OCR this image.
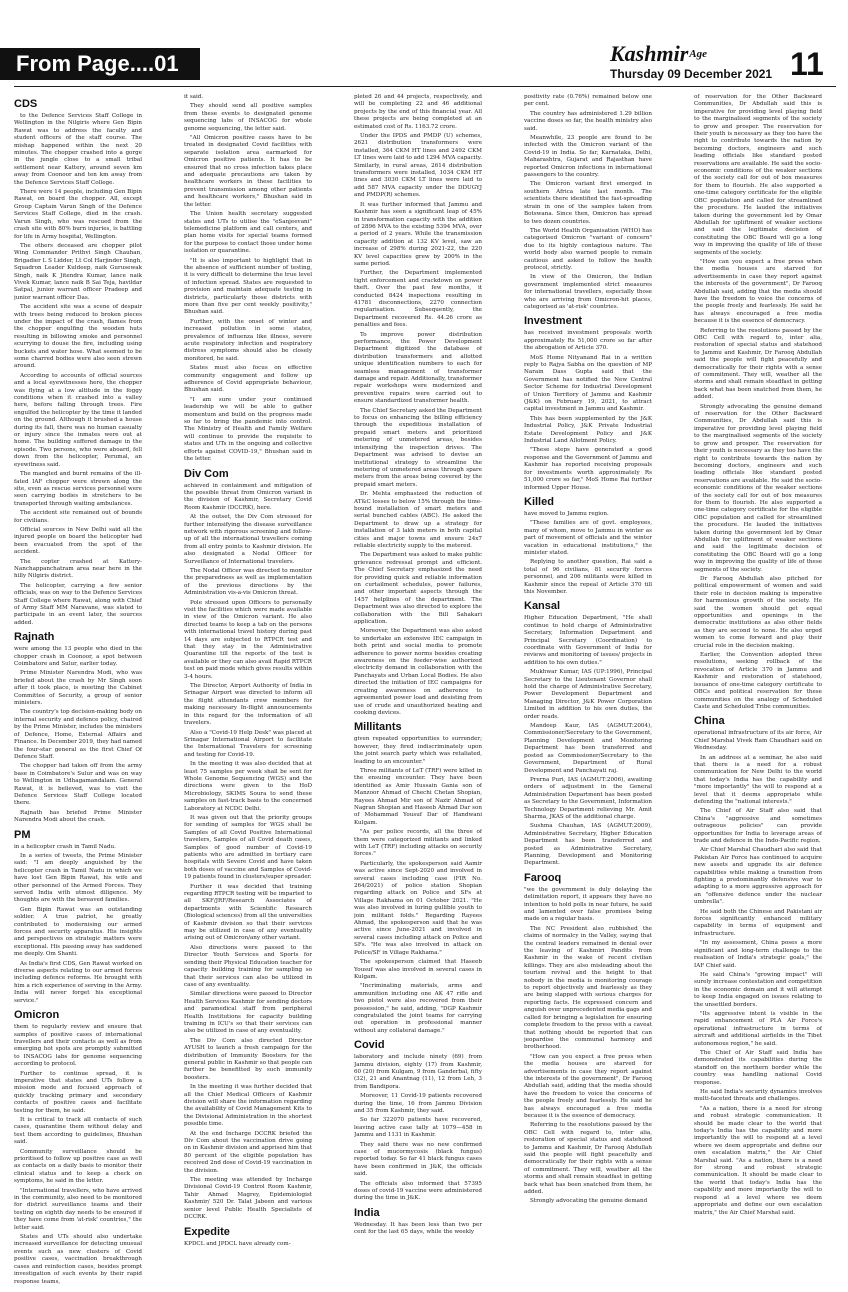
From Page....01	Kashmir$^{Age}$
Thursday 09 December 2021 11
CDS

to the Defence Services Staff College in Wellington in the Nilgiris where Gen Bipin Rawat was to address the faculty and student officers of the staff course. The mishap happened within the next 20 minutes. The chopper crashed into a gorge in the jungle close to a small tribal settlement near Kattery, around seven km away from Coonoor and ten km away from the Defence Services Staff College.

There were 14 people, including Gen Bipin Rawat, on board the chopper. All, except Group Captain Varun Singh of the Defence Services Staff College, died in the crash. Varun Singh, who was rescued from the crash site with 80% burn injuries, is battling for life in Army hospital, Wellington.

The others deceased are chopper pilot Wing Commander Prithvi Singh Chauhan, Brigadier L S Lidder, Lt Col Harjinder Singh, Squadron Leader Kuldeep, naik Gurusewak Singh, naik K Jitendra Kumar, lance naik Vivek Kumar, lance naik B Sai Teja, havildar Satpal, junior warrant officer Pradeep and junior warrant officer Das.

The accident site was a scene of despair with trees being reduced to broken pieces under the impact of the crash, flames from the chopper engulfing the wooden huts resulting in billowing smoke and personnel scurrying to douse the fire, including using buckets and water hose. What seemed to be some charred bodies were also seen strewn around.

According to accounts of official sources and a local eyewitnesses here, the chopper was flying at a low altitude in the foggy conditions when it crashed into a valley here, before falling through trees. Fire engulfed the helicopter by the time it landed on the ground. Although it brushed a house during its fall, there was no human casualty or injury since the inmates were out at home. The building suffered damage in the episode. Two persons, who were aboard, fell down from the helicopter, Perumal, an eyewitness said.

The mangled and burnt remains of the ill-fated IAF chopper were strewn along the site, even as rescue services personnel were seen carrying bodies in stretchers to be transported through waiting ambulances.

The accident site remained out of bounds for civilians.

Official sources in New Delhi said all the injured people on board the helicopter had been evacuated from the spot of the accident.

The copter crashed at Kattery-Nanchappanchatram area near here in the hilly Nilgiris district.

The helicopter, carrying a few senior officials, was on way to the Defence Services Staff College where Rawat, along with Chief of Army Staff MM Naravane, was slated to participate in an event later, the sources added.

Rajnath

were among the 13 people who died in the chopper crash in Coonoor, a spot between Coimbatore and Sulur, earlier today.

Prime Minister Narendra Modi, who was briefed about the crash by Mr Singh soon after it took place, is meeting the Cabinet Committee of Security, a group of senior ministers.

The country's top decision-making body on internal security and defence policy, chaired by the Prime Minister, includes the ministers of Defence, Home, External Affairs and Finance. In December 2019, they had named the four-star general as the first Chief Of Defence Staff.

The chopper had taken off from the army base in Coimbatore's Sulur and was on way to Wellington in Udhagamandalam. General Rawat, it is believed, was to visit the Defence Services Staff College located there.

Rajnath has briefed Prime Minister Narendra Modi about the crash.

PM

in a helicopter crash in Tamil Nadu.

In a series of tweets, the Prime Minister said: "I am deeply anguished by the helicopter crash in Tamil Nadu in which we have lost Gen Bipin Rawat, his wife and other personnel of the Armed Forces. They served India with utmost diligence. My thoughts are with the bereaved families.

Gen Bipin Rawat was an outstanding soldier. A true patriot, he greatly contributed to modernising our armed forces and security apparatus. His insights and perspectives on strategic matters were exceptional. His passing away has saddened me deeply. Om Shanti.

As India's first CDS, Gen Rawat worked on diverse aspects relating to our armed forces including defence reforms. He brought with him a rich experience of serving in the Army. India will never forget his exceptional service."

Omicron

them to regularly review and ensure that samples of positive cases of international travellers and their contacts as well as from emerging hot spots are promptly submitted to INSACOG labs for genome sequencing according to protocol.

Further to continue spread, it is imperative that states and UTs follow a mission mode and focused approach of quickly tracking primary and secondary contacts of positive cases and facilitate testing for them, he said.

It is critical to track all contacts of such cases, quarantine them without delay and test them according to guidelines, Bhushan said.

Community surveillance should be prioritised to follow up positive case as well as contacts on a daily basis to monitor their clinical status and to keep a check on symptoms, he said in the letter.

"International travellers, who have arrived in the community, also need to be monitored for district surveillance teams and their testing on eighth day needs to be ensured if they have come from 'at-risk' countries," the letter said.

States and UTs should also undertake increased surveillance for detecting unusual events such as new clusters of Covid positive cases, vaccination breakthrough cases and reinfection cases, besides prompt investigation of such events by their rapid response teams,

it said.

They should send all positive samples from these events to designated genome sequencing labs of INSACOG for whole genome sequencing, the letter said.

"All Omicron positive cases have to be treated in designated Covid facilities with separate isolation area earmarked for Omicron positive patients. It has to be ensured that no cross infection takes place and adequate precautions are taken by healthcare workers in these facilities to prevent transmission among other patients and healthcare workers," Bhushan said in the letter.

The Union health secretary suggested states and UTs to utilise the "eSanjeevani" telemedicine platform and call centers, and plan home visits for special teams formed for the purpose to contact those under home isolation or quarantine.

"It is also important to highlight that in the absence of sufficient number of testing, it is very difficult to determine the true level of infection spread. States are requested to provision and maintain adequate testing in districts, particularly those districts with more than five per cent weekly positivity," Bhushan said.

Further, with the onset of winter and increased pollution in some states, prevalence of influenza like illness, severe acute respiratory infection and respiratory distress symptoms should also be closely monitored, he said.

States must also focus on effective community engagement and follow up adherence of Covid appropriate behaviour, Bhushan said.

"I am sure under your continued leadership we will be able to gather momentum and build on the progress made so far to bring the pandemic into control. The Ministry of Health and Family Welfare will continue to provide the requisite to states and UTs in the ongoing and collective efforts against COVID-19," Bhushan said in the letter.

Div Com

achieved in containment and mitigation of the possible threat from Omicron variant in the division of Kashmir, Secretary Covid Room Kashmir (DCCRK), here.

At the outset, the Div Com stressed for further intensifying the disease surveillance network with rigorous screening and follow-up of all the international travellers coming from all entry points to Kashmir division. He also designated a Nodal Officer for Surveillance of International travelers.

The Nodal Officer was directed to monitor the preparedness as well as implementation of the previous directions by the Administration vis-a-vis Omicron threat.

Pole stressed upon Officers to personally visit the facilities which were made available in view of the Omicron variant. He also directed teams to keep a tab on the persons with international travel history during past 14 days are subjected to RTPCR test and that they stay in the Administrative Quarantine till the reports of the test is available or they can also avail Rapid RTPCR test on paid mode which gives results within 3-4 hours.

The Director, Airport Authority of India in Srinagar Airport was directed to inform all the flight attendants crew members for making necessary In-flight announcements in this regard for the information of all travelers.

Also a "Covid-19 Help Desk" was placed at Srinagar International Airport to facilitate the International Travelers for screening and testing for Covid-19.

In the meeting it was also decided that at least 75 samples per week shall be sent for Whole Genome Sequencing (WGS) and the directions were given to the HoD Microbiology, SKIMS Soura to send these samples on fast-track basis to the concerned Laboratory at NCDC Delhi.

It was given out that the priority groups for sending of samples for WGS shall be Samples of all Covid Positive International travelers, Samples of all Covid death cases, Samples of good number of Covid-19 patients who are admitted in tertiary care hospitals with Severe Covid and have taken both doses of vaccine and Samples of Covid-19 patients found in clusters/super spreader.

Further it was decided that training regarding RTPCR testing will be imparted to all SKF/JRF/Research Associates of departments with Scientific Research (Biological sciences) from all the universities of Kashmir division so that their services may be utilized in case of any eventuality arising out of Omicron/any other variant.

Also directions were passed to the Director Youth Services and Sports for sending their Physical Education teacher for capacity building training for sampling so that their services can also be utilized in case of any eventuality.

Similar directions were passed to Director Health Services Kashmir for sending doctors and paramedical staff from peripheral Health Institutions for capacity building training in ICU's so that their services can also be utilized in case of any eventuality.

The Div Com also directed Director AYUSH to launch a fresh campaign for the distribution of Immunity Boosters for the general public in Kashmir so that people can further be benefitted by such immunity boosters.

In the meeting it was further decided that all the Chief Medical Officers of Kashmir division will share the information regarding the availability of Covid Management Kits to the Divisional Administration in the shortest possible time.

At the end Incharge DCCRK briefed the Div Com about the vaccination drive going on in Kashmir division and apprised him that 80 percent of the eligible population has received 2nd dose of Covid-19 vaccination in the division.

The meeting was attended by Incharge Divisional Covid-19 Control Room Kashmir, Tahir Ahmad Magrey, Epidemiologist Kashmir/ 520 Dr. Talat Jabeen and various senior level Public Health Specialists of DCCRK.

Expedite

KPDCL and JPDCL have already com-

pleted 26 and 44 projects, respectively, and will be completing 22 and 46 additional projects by the end of this financial year. All these projects are being completed at an estimated cost of Rs. 1163.72 crore.

Under the IPDS and PMDP (U) schemes, 2621 distribution transformers were installed, 364 CKM HT lines and 2492 CKM LT lines were laid to add 1294 MVA capacity. Similarly, in rural areas, 2614 distribution transformers were installed, 1034 CKM HT lines and 3030 CKM LT lines were laid to add 587 MVA capacity under the DDUGYJ and PMDP(R) schemes.

It was further informed that Jammu and Kashmir has seen a significant leap of 45% in transformation capacity with the addition of 2896 MVA to the existing 5394 MVA, over a period of 2 years. While the transmission capacity addition at 132 KV level, saw an increase of 298% during 2021-22, the 220 KV level capacities grew by 200% in the same period.

Further, the Department implemented tight enforcement and crackdown on power theft. Over the past few months, it conducted 8424 inspections resulting in 41781 disconnections, 2270 connection regularisation. Subsequently, the Department recovered Rs. 44.26 crore as penalties and fees.

To improve power distribution performance, the Power Development Department digitized the database of distribution transformers and allotted unique identification numbers to each for seamless management of transformer damage and repair. Additionally, transformer repair workshops were modernized and preventive repairs were carried out to ensure standardized transformer health.

The Chief Secretary asked the Department to focus on enhancing the billing efficiency through the expeditious installation of prepaid smart meters and prioritized metering of unmetered areas, besides intensifying the inspection drives. The Department was advised to devise an institutional strategy to streamline the metering of unmetered areas through spare meters from the areas being covered by the prepaid smart meters.

Dr. Mehta emphasized the reduction of AT&C losses to below 15% through the time-bound installation of smart meters and serial bunched cables (ABC). He asked the Department to draw up a strategy for installation of 3 lakh meters in both capital cities and major towns and ensure 24x7 reliable electricity supply to the metered.

The Department was asked to make public grievance redressal prompt and efficient. The Chief Secretary emphasized the need for providing quick and reliable information on curtailment schedules, power failures, and other important aspects through the 1457 helplines of the department. The Department was also directed to explore the collaboration with the Bill Sahakari application.

Moreover, the Department was also asked to undertake an extensive IEC campaign in both print and social media to promote adherence to power norms besides creating awareness on the feeder-wise authorized electricity demand in collaboration with the Panchayats and Urban Local Bodies. He also directed the initiation of IEC campaigns for creating awareness on adherence to agreemented power load and desisting from use of crude and unauthorized heating and cooking devices.

Millitants

given repeated opportunities to surrender; however, they fired indiscriminately upon the joint search party which was retaliated, leading to an encounter."

Three militants of LeT (TRF) were killed in the ensuing encounter. They have been identified as Amir Hussain Gania son of Manzoor Ahmad of Chechi Chetan Shopian, Rayees Ahmad Mir son of Nazir Ahmad of Nagran Shopian and Haseeb Ahmad Dar son of Mohammad Yousuf Dar of Handwani Kulgam.

"As per police records, all the three of them were categorized militants and linked with LeT (TRF) including attacks on security forces."

Particularly, the spokesperson said Aamir was active since Sept-2020 and involved in several cases including case (FIR No. 264/2021) of police station Shopian regarding attack on Police and SFs at Village Rakhama on 01 October 2021. "He was also involved in luring gullible youth to join militant folds." Regarding Rayees Ahmad, the spokesperson said that he was active since June-2021 and involved in several cases including attack on Police and SFs. "He was also involved in attack on Police/SF in Village Rakhama."

The spokesperson claimed that Haseeb Yousuf was also involved in several cases in Kulgam.

"Incriminating materials, arms and ammunition including one AK 47 rifle and two pistol were also recovered from their possession," he said, adding, "DGP Kashmir congratulated the joint teams for carrying out operation in professional manner without any collateral damage."

Covid

laboratory and include ninety (69) from Jammu division, eighty (17) from Kashmir, 60 (20) from Kulgam, 9 from Ganderbal, fifty (32), 21 and Anantnag (11), 12 from Leh, 3 from Bandipora.

Moreover, 11 Covid-19 patients recovered during the time, 16 from Jammu Division and 35 from Kashmir, they said.

So far 322070 patients have recovered, leaving active case tally at 1079—458 in Jammu and 1131 in Kashmir.

They said there was no new confirmed case of mucormycosis (black fungus) reported today. So far 41 black fungus cases have been confirmed in J&K, the officials said.

The officials also informed that 57395 doses of covid-19 vaccine were administered during the time in J&K.

India

Wednesday. It has been less than two per cent for the last 65 days, while the weekly

positivity rate (0.76%) remained below one per cent.

The country has administered 1.29 billion vaccine doses so far, the health ministry also said.

Meanwhile, 23 people are found to be infected with the Omicron variant of the Covid-19 in India. So far, Karnataka, Delhi, Maharashtra, Gujarat and Rajasthan have reported Omicron infections in international passengers to the country.

The Omicron variant first emerged in southern Africa late last month. The scientists there identified the fast-spreading strain in one of the samples taken from Botswana. Since then, Omicron has spread to two dozen countries.

The World Health Organisation (WHO) has categorised Omicron "variant of concern" due to its highly contagious nature. The world body also warned people to remain cautious and asked to follow the health protocol, strictly.

In view of the Omicron, the Indian government implemented strict measures for international travellers, especially those who are arriving from Omicron-hit places, categorised as 'at-risk' countries.

Investment

has received investment proposals worth approximately Rs 51,000 crore so far after the abrogation of Article 370.

MoS Home Nityanand Rai in a written reply to Rajya Sabha on the question of MP Narain Dass Gupta said that the Government has notified the New Central Sector Scheme for Industrial Development of Union Territory of Jammu and Kashmir (J&K) on February 19, 2021, to attract capital investment in Jammu and Kashmir.

This has been supplemented by the J&K Industrial Policy, J&K Private Industrial Estate Development Policy and J&K Industrial Land Allotment Policy.

"These steps have generated a good response and the Government of Jammu and Kashmir has reported receiving proposals for investments worth approximately Rs 51,000 crore so far," MoS Home Rai further informed Upper House.

Killed

have moved to Jammu region.

"These families are of govt. employees, many of whom, move to Jammu in winter as part of movement of officials and the winter vacation in educational institutions," the minister stated.

Replying to another question, Rai said a total of 96 civilians, 81 security forces personnel, and 206 militants were killed in Kashmir since the repeal of Article 370 till this November.

Kansal

Higher Education Department, "He shall continue to hold charge of Administrative Secretary, Information Department and Principal Secretary (Coordination) to coordinate with Government of India for reviews and monitoring of issues/ projects in addition to his own duties."

Mukhwar Kumar, IAS (UP:1996), Principal Secretary to the Lieutenant Governor shall hold the charge of Administrative Secretary, Power Development Department and Managing Director, J&K Power Corporation Limited in addition to his own duties, the order reads.

Mandeep Kaur, IAS (AGMUT:2004), Commissioner/Secretary to the Government, Planning Development and Monitoring Department has been transferred and posted as Commissioner/Secretary to the Government, Department of Rural Development and Panchayati raj.

Prerna Puri, IAS (AGMUT:2006), awaiting orders of adjustment in the General Administration Department has been posted as Secretary to the Government, Information Technology Department relieving Mr. Amit Sharma, JKAS of the additional charge.

Sushma Chauhan, IAS (AGMUT:2009), Administrative Secretary, Higher Education Department has been transferred and posted as Administrative Secretary, Planning, Development and Monitoring Department.

Farooq

"we the government is duly delaying the delimitation report, it appears they have no intention to hold polls in near future, he said and lamented over false promises being made on a regular basis.

The NC President also rubbished the claims of normalcy in the Valley, saying that the central leaders remained in denial over the leaving of Kashmiri Pandits from Kashmir in the wake of recent civilian killings. They are also misleading about the tourism revival and the height to that nobody in the media is monitoring courage to report objectively and fearlessly as they are being slapped with serious charges for reporting facts. He expressed concern and anguish over unprecedented media gags and called for bringing a legislation for ensuring complete freedom to the press with a caveat that nothing should be reported that can jeopardise the communal harmony and brotherhood.

"How can you expect a free press when the media houses are starved for advertisements in case they report against the interests of the government", Dr Farooq Abdullah said, adding that the media should have the freedom to voice the concerns of the people freely and fearlessly. He said he has always encouraged a free media because it is the essence of democracy.

Referring to the resolutions passed by the OBC Cell with regard to, inter alia, restoration of special status and statehood to Jammu and Kashmir, Dr Farooq Abdullah said the people will fight peacefully and democratically for their rights with a sense of commitment. They will, weather all the storms and shall remain steadfast in getting back what has been snatched from them, he added.

Strongly advocating the genuine demand

of reservation for the Other Backward Communities, Dr Abdullah said this is imperative for providing level playing field to the marginalised segments of the society to grow and prosper. The reservation for their youth is necessary as they too have the right to contribute towards the nation by becoming doctors, engineers and such leading officials like standard posted reservations are available. He said the socio-economic conditions of the weaker sections of the society call for out of box measures for them to flourish. He also supported a one-time category certificate for the eligible OBC population and called for streamlined the procedure. He lauded the initiatives taken during the government led by Omar Abdullah for upliftment of weaker sections and said the legitimate decision of constituting the OBC Board will go a long way in improving the quality of life of these segments of the society.

"How can you expect a free press when the media houses are starved for advertisements in case they report against the interests of the government", Dr Farooq Abdullah said, adding that the media should have the freedom to voice the concerns of the people freely and fearlessly. He said he has always encouraged a free media because it is the essence of democracy.

Referring to the resolutions passed by the OBC Cell with regard to, inter alia, restoration of special status and statehood to Jammu and Kashmir, Dr Farooq Abdullah said the people will fight peacefully and democratically for their rights with a sense of commitment. They will, weather all the storms and shall remain steadfast in getting back what has been snatched from them, he added.

Strongly advocating the genuine demand of reservation for the Other Backward Communities, Dr Abdullah said this is imperative for providing level playing field to the marginalised segments of the society to grow and prosper. The reservation for their youth is necessary as they too have the right to contribute towards the nation by becoming doctors, engineers and such leading officials like standard posted reservations are available. He said the socio-economic conditions of the weaker sections of the society call for out of box measures for them to flourish. He also supported a one-time category certificate for the eligible OBC population and called for streamlined the procedure. He lauded the initiatives taken during the government led by Omar Abdullah for upliftment of weaker sections and said the legitimate decision of constituting the OBC Board will go a long way in improving the quality of life of these segments of the society.

Dr Farooq Abdullah also pitched for political empowerment of women and said their role in decision making is imperative for harmonious growth of the society. He said the women should get equal opportunities and openings in the democratic institutions as also other fields as they are second to none. He also urged women to come forward and play their crucial role in the decision making.

Earlier, the Convention adopted three resolutions, seeking rollback of the revocation of Article 370 in Jammu and Kashmir and restoration of statehood, issuance of one-time category certificate to OBCs and political reservation for these communities on the analogy of Scheduled Caste and Scheduled Tribe communities.

China

operational infrastructure of its air force, Air Chief Marshal Vivek Ram Chaudhari said on Wednesday.

In an address at a seminar, he also said that there is a need for a robust communication for New Delhi to the world that today's India has the capability and "more importantly" the will to respond at a level that it deems appropriate while defending the "national interests."

The Chief of Air Staff also said that China's "aggressive and sometimes outrageous policies" can provide opportunities for India to leverage areas of trade and defence in the Indo-Pacific region.

Air Chief Marshal Chaudhari also said that Pakistan Air Force has continued to acquire new assets and upgrade its air defence capabilities while making a transition from fighting a predominantly defensive war to adapting to a more aggressive approach for an "offensive defence under the nuclear umbrella".

He said both the Chinese and Pakistani air forces significantly enhanced military capability in terms of equipment and infrastructure.

"In my assessment, China poses a more significant and long-term challenge to the realisation of India's strategic goals," the IAF Chief said.

He said China's "growing impact" will surely increase contestation and competition in the economic domain and it will attempt to keep India engaged on issues relating to the unsettled borders.

"Its aggressive intent is visible in the rapid enhancement of PLA Air Force's operational infrastructure in terms of aircraft and additional airfields in the Tibet autonomous region," he said.

The Chief of Air Staff said India has demonstrated its capabilities during the standoff on the northern border while the country was handling national Covid response.

He said India's security dynamics involves multi-faceted threats and challenges.

"As a nation, there is a need for strong and robust strategic communication. It should be made clear to the world that today's India has the capability and more importantly the will to respond at a level where we deem appropriate and define our own escalation matrix," the Air Chief Marshal said. "As a nation, there is a need for strong and robust strategic communication. It should be made clear to the world that today's India has the capability and more importantly the will to respond at a level where we deem appropriate and define our own escalation matrix," the Air Chief Marshal said.
